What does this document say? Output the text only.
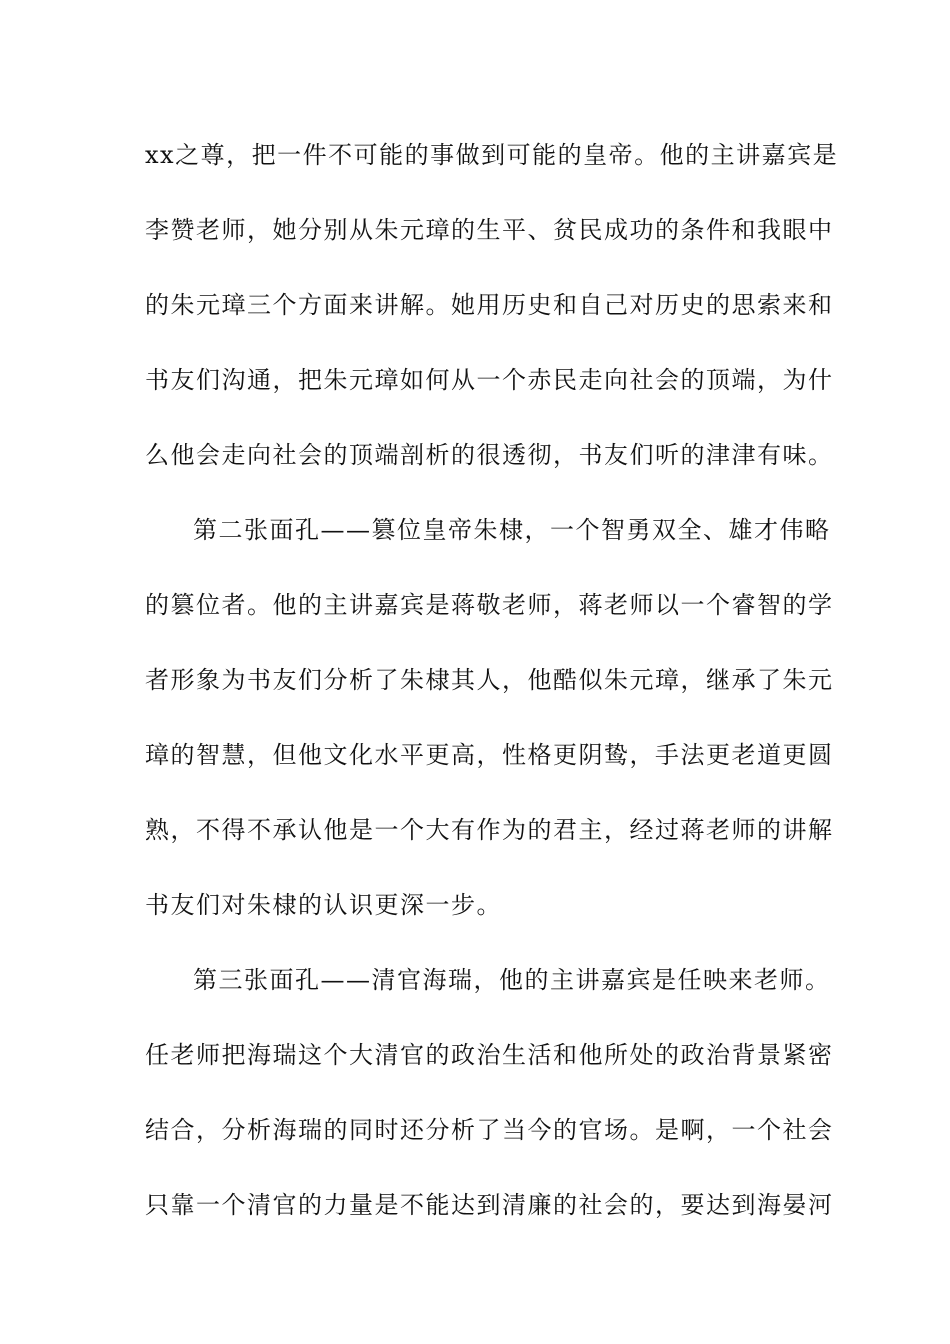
xx之尊，把一件不可能的事做到可能的皇帝。他的主讲嘉宾是
李赞老师，她分别从朱元璋的生平、贫民成功的条件和我眼中
的朱元璋三个方面来讲解。她用历史和自己对历史的思索来和
书友们沟通，把朱元璋如何从一个赤民走向社会的顶端，为什
么他会走向社会的顶端剖析的很透彻，书友们听的津津有味。
第二张面孔——篡位皇帝朱棣，一个智勇双全、雄才伟略
的篡位者。他的主讲嘉宾是蒋敬老师，蒋老师以一个睿智的学
者形象为书友们分析了朱棣其人，他酷似朱元璋，继承了朱元
璋的智慧，但他文化水平更高，性格更阴鸷，手法更老道更圆
熟，不得不承认他是一个大有作为的君主，经过蒋老师的讲解
书友们对朱棣的认识更深一步。
第三张面孔——清官海瑞，他的主讲嘉宾是任映来老师。
任老师把海瑞这个大清官的政治生活和他所处的政治背景紧密
结合，分析海瑞的同时还分析了当今的官场。是啊，一个社会
只靠一个清官的力量是不能达到清廉的社会的，要达到海晏河
